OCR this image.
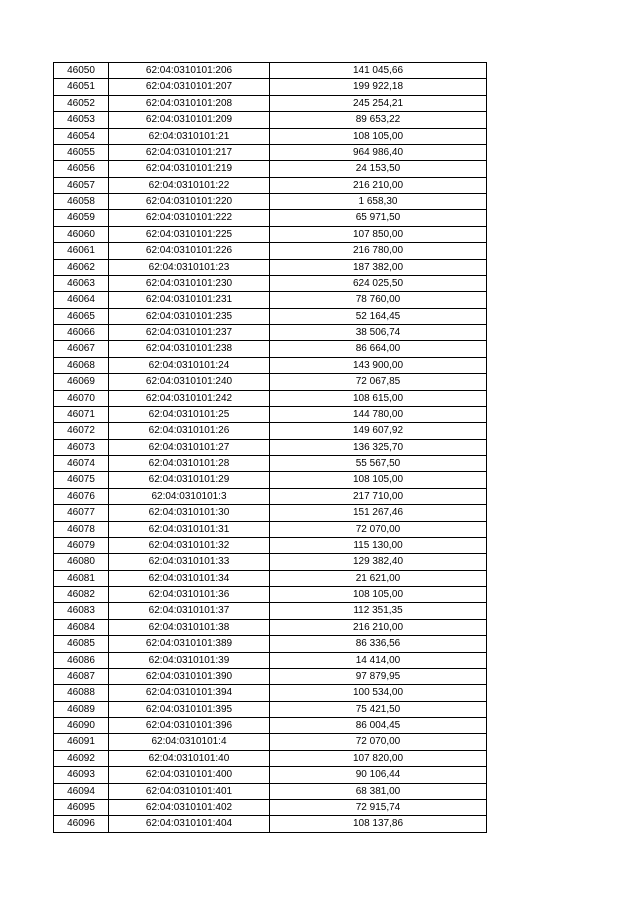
46050	62:04:0310101:206	141 045,66
46051	62:04:0310101:207	199 922,18
46052	62:04:0310101:208	245 254,21
46053	62:04:0310101:209	89 653,22
46054	62:04:0310101:21	108 105,00
46055	62:04:0310101:217	964 986,40
46056	62:04:0310101:219	24 153,50
46057	62:04:0310101:22	216 210,00
46058	62:04:0310101:220	1 658,30
46059	62:04:0310101:222	65 971,50
46060	62:04:0310101:225	107 850,00
46061	62:04:0310101:226	216 780,00
46062	62:04:0310101:23	187 382,00
46063	62:04:0310101:230	624 025,50
46064	62:04:0310101:231	78 760,00
46065	62:04:0310101:235	52 164,45
46066	62:04:0310101:237	38 506,74
46067	62:04:0310101:238	86 664,00
46068	62:04:0310101:24	143 900,00
46069	62:04:0310101:240	72 067,85
46070	62:04:0310101:242	108 615,00
46071	62:04:0310101:25	144 780,00
46072	62:04:0310101:26	149 607,92
46073	62:04:0310101:27	136 325,70
46074	62:04:0310101:28	55 567,50
46075	62:04:0310101:29	108 105,00
46076	62:04:0310101:3	217 710,00
46077	62:04:0310101:30	151 267,46
46078	62:04:0310101:31	72 070,00
46079	62:04:0310101:32	115 130,00
46080	62:04:0310101:33	129 382,40
46081	62:04:0310101:34	21 621,00
46082	62:04:0310101:36	108 105,00
46083	62:04:0310101:37	112 351,35
46084	62:04:0310101:38	216 210,00
46085	62:04:0310101:389	86 336,56
46086	62:04:0310101:39	14 414,00
46087	62:04:0310101:390	97 879,95
46088	62:04:0310101:394	100 534,00
46089	62:04:0310101:395	75 421,50
46090	62:04:0310101:396	86 004,45
46091	62:04:0310101:4	72 070,00
46092	62:04:0310101:40	107 820,00
46093	62:04:0310101:400	90 106,44
46094	62:04:0310101:401	68 381,00
46095	62:04:0310101:402	72 915,74
46096	62:04:0310101:404	108 137,86
